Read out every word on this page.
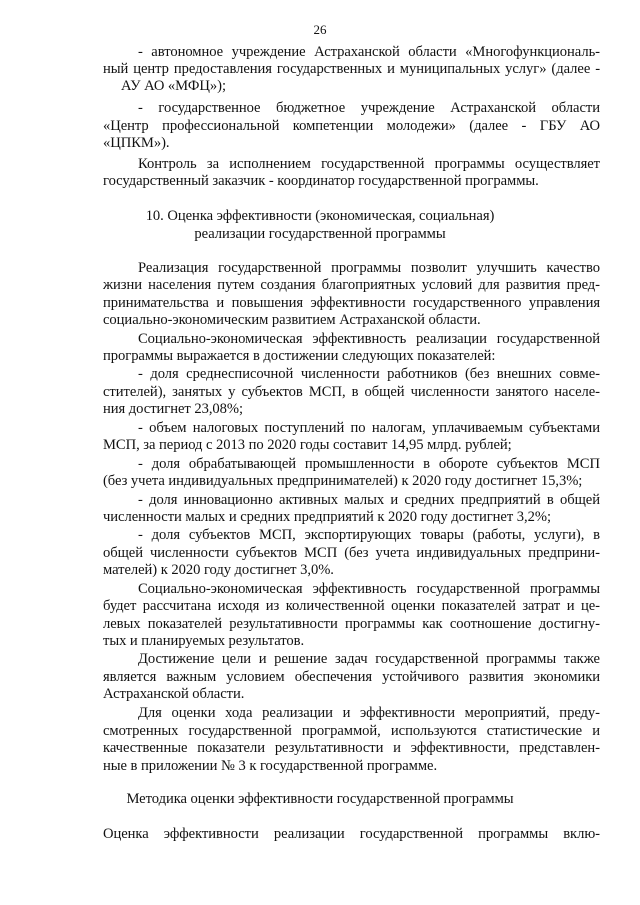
26
- автономное учреждение Астраханской области «Многофункциональ-
ный центр предоставления государственных и муниципальных услуг» (далее -
АУ АО «МФЦ»);
- государственное бюджетное учреждение Астраханской области
«Центр профессиональной компетенции молодежи» (далее - ГБУ АО
«ЦПКМ»).
Контроль за исполнением государственной программы осуществляет
государственный заказчик - координатор государственной программы.
10. Оценка эффективности (экономическая, социальная)
реализации государственной программы
Реализация государственной программы позволит улучшить качество
жизни населения путем создания благоприятных условий для развития пред-
принимательства и повышения эффективности государственного управления
социально-экономическим развитием Астраханской области.
Социально-экономическая эффективность реализации государственной
программы выражается в достижении следующих показателей:
- доля среднесписочной численности работников (без внешних совме-
стителей), занятых у субъектов МСП, в общей численности занятого населе-
ния достигнет 23,08%;
- объем налоговых поступлений по налогам, уплачиваемым субъектами
МСП, за период с 2013 по 2020 годы составит 14,95 млрд. рублей;
- доля обрабатывающей промышленности в обороте субъектов МСП
(без учета индивидуальных предпринимателей) к 2020 году достигнет 15,3%;
- доля инновационно активных малых и средних предприятий в общей
численности малых и средних предприятий к 2020 году достигнет 3,2%;
- доля субъектов МСП, экспортирующих товары (работы, услуги), в
общей численности субъектов МСП (без учета индивидуальных предприни-
мателей) к 2020 году достигнет 3,0%.
Социально-экономическая эффективность государственной программы
будет рассчитана исходя из количественной оценки показателей затрат и це-
левых показателей результативности программы как соотношение достигну-
тых и планируемых результатов.
Достижение цели и решение задач государственной программы также
является важным условием обеспечения устойчивого развития экономики
Астраханской области.
Для оценки хода реализации и эффективности мероприятий, преду-
смотренных государственной программой, используются статистические и
качественные показатели результативности и эффективности, представлен-
ные в приложении № 3 к государственной программе.
Методика оценки эффективности государственной программы
Оценка эффективности реализации государственной программы вклю-
